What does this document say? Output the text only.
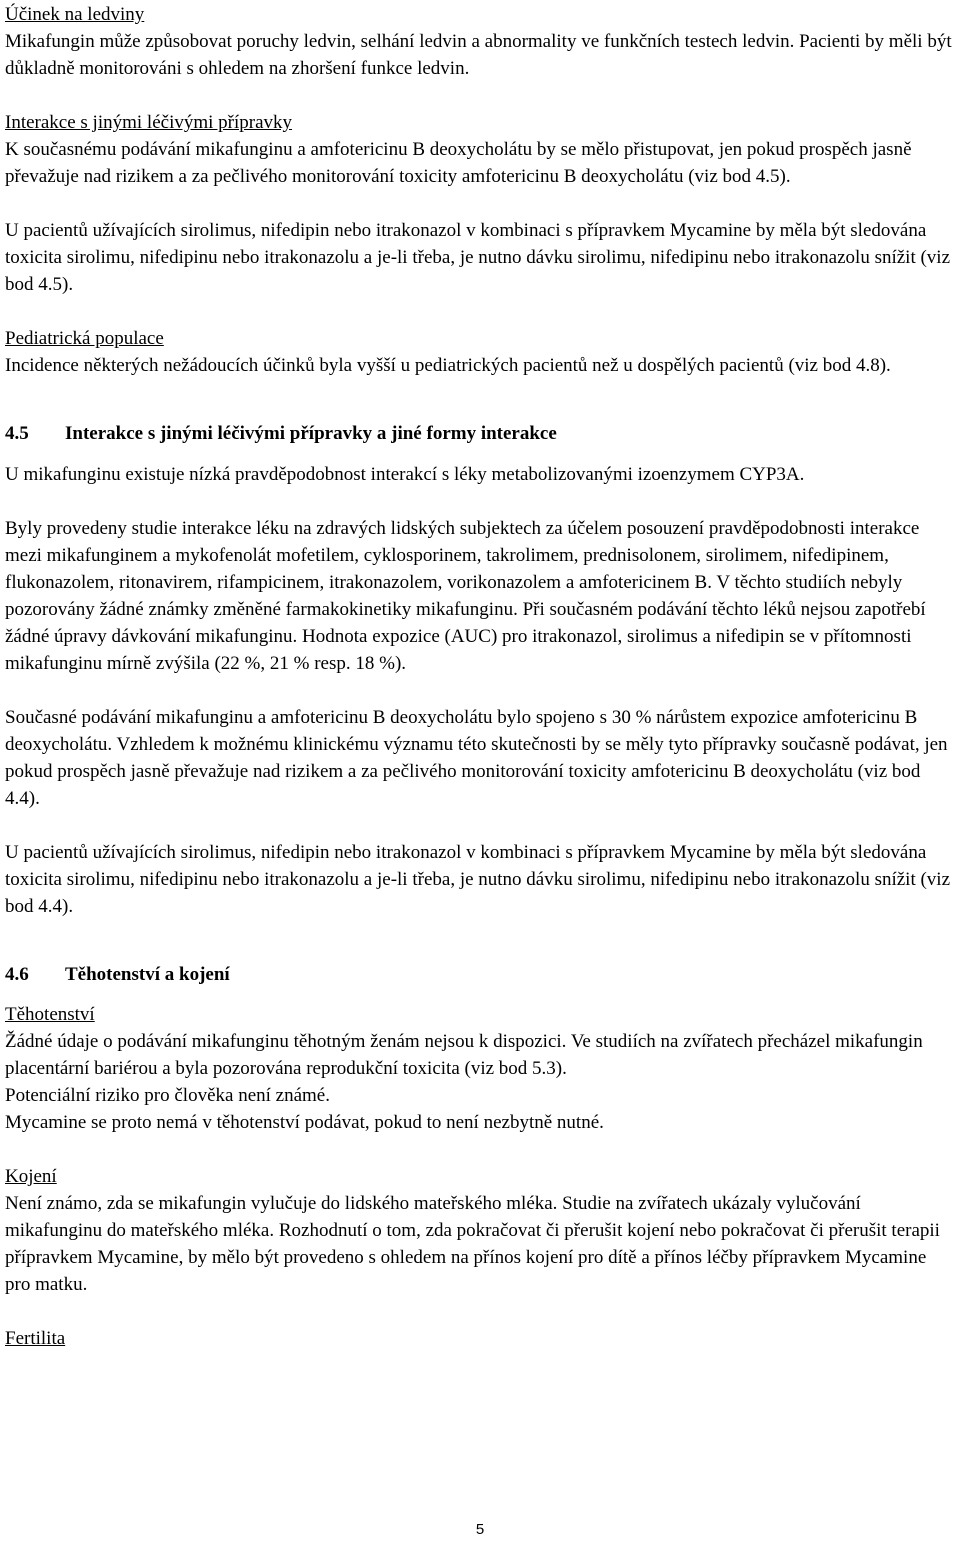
Účinek na ledviny

Mikafungin může způsobovat poruchy ledvin, selhání ledvin a abnormality ve funkčních testech ledvin. Pacienti by měli být důkladně monitorováni s ohledem na zhoršení funkce ledvin.

Interakce s jinými léčivými přípravky

K současnému podávání mikafunginu a amfotericinu B deoxycholátu by se mělo přistupovat, jen pokud prospěch jasně převažuje nad rizikem a za pečlivého monitorování toxicity amfotericinu B deoxycholátu (viz bod 4.5).

U pacientů užívajících sirolimus, nifedipin nebo itrakonazol v kombinaci s přípravkem Mycamine by měla být sledována toxicita sirolimu, nifedipinu nebo itrakonazolu a je-li třeba, je nutno dávku sirolimu, nifedipinu nebo itrakonazolu snížit (viz bod 4.5).

Pediatrická populace

Incidence některých nežádoucích účinků byla vyšší u pediatrických pacientů než u dospělých pacientů (viz bod 4.8).

4.5 Interakce s jinými léčivými přípravky a jiné formy interakce

U mikafunginu existuje nízká pravděpodobnost interakcí s léky metabolizovanými izoenzymem CYP3A.

Byly provedeny studie interakce léku na zdravých lidských subjektech za účelem posouzení pravděpodobnosti interakce mezi mikafunginem a mykofenolát mofetilem, cyklosporinem, takrolimem, prednisolonem, sirolimem, nifedipinem, flukonazolem, ritonavirem, rifampicinem, itrakonazolem, vorikonazolem a amfotericinem B. V těchto studiích nebyly pozorovány žádné známky změněné farmakokinetiky mikafunginu. Při současném podávání těchto léků nejsou zapotřebí žádné úpravy dávkování mikafunginu. Hodnota expozice (AUC) pro itrakonazol, sirolimus a nifedipin se v přítomnosti mikafunginu mírně zvýšila (22 %, 21 % resp. 18 %).

Současné podávání mikafunginu a amfotericinu B deoxycholátu bylo spojeno s 30 % nárůstem expozice amfotericinu B deoxycholátu. Vzhledem k možnému klinickému významu této skutečnosti by se měly tyto přípravky současně podávat, jen pokud prospěch jasně převažuje nad rizikem a za pečlivého monitorování toxicity amfotericinu B deoxycholátu (viz bod 4.4).

U pacientů užívajících sirolimus, nifedipin nebo itrakonazol v kombinaci s přípravkem Mycamine by měla být sledována toxicita sirolimu, nifedipinu nebo itrakonazolu a je-li třeba, je nutno dávku sirolimu, nifedipinu nebo itrakonazolu snížit (viz bod 4.4).

4.6 Těhotenství a kojení

Těhotenství

Žádné údaje o podávání mikafunginu těhotným ženám nejsou k dispozici. Ve studiích na zvířatech přecházel mikafungin placentární bariérou a byla pozorována reprodukční toxicita (viz bod 5.3).

Potenciální riziko pro člověka není známé.

Mycamine se proto nemá v těhotenství podávat, pokud to není nezbytně nutné.

Kojení

Není známo, zda se mikafungin vylučuje do lidského mateřského mléka. Studie na zvířatech ukázaly vylučování mikafunginu do mateřského mléka. Rozhodnutí o tom, zda pokračovat či přerušit kojení nebo pokračovat či přerušit terapii přípravkem Mycamine, by mělo být provedeno s ohledem na přínos kojení pro dítě a přínos léčby přípravkem Mycamine pro matku.

Fertilita

5
